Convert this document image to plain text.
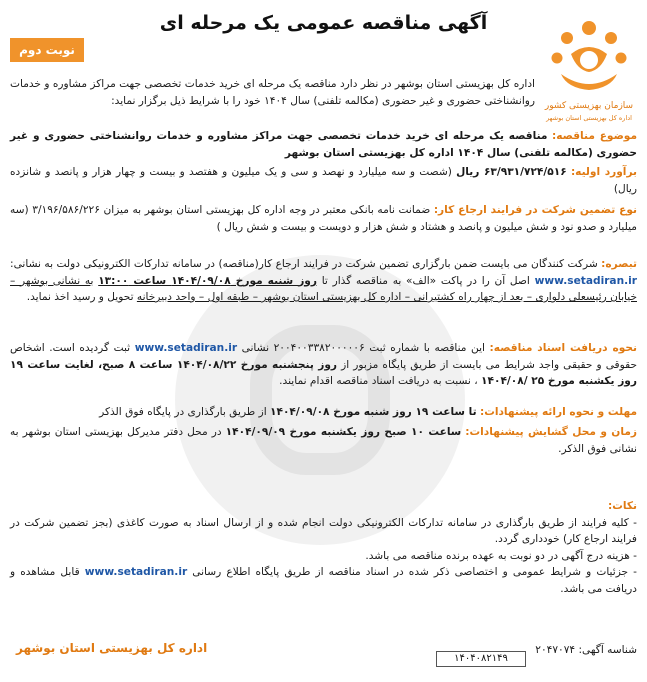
سازمان بهزیستی کشور
اداره کل بهزیستی استان بوشهر
آگهی مناقصه عمومی یک مرحله ای
نوبت دوم

اداره کل بهزیستی استان بوشهر در نظر دارد مناقصه یک مرحله ای خرید خدمات تخصصی جهت مراکز مشاوره و خدمات روانشناختی حضوری و غیر حضوری (مکالمه تلفنی) سال ۱۴۰۴ خود را با شرایط ذیل برگزار نماید:

موضوع مناقصه: مناقصه یک مرحله ای خرید خدمات تخصصی جهت مراکز مشاوره و خدمات روانشناختی حضوری و غیر حضوری (مکالمه تلفنی) سال ۱۴۰۴ اداره کل بهزیستی استان بوشهر
برآورد اولیه: ۶۳/۹۳۱/۷۲۴/۵۱۶ ریال (شصت و سه میلیارد و نهصد و سی و یک میلیون و هفتصد و بیست و چهار هزار و پانصد و شانزده ریال)
نوع تضمین شرکت در فرایند ارجاع کار: ضمانت نامه بانکی معتبر در وجه اداره کل بهزیستی استان بوشهر به میزان ۳/۱۹۶/۵۸۶/۲۲۶ (سه میلیارد و صدو نود و شش میلیون و پانصد و هشتاد و شش هزار و دویست و بیست و شش ریال )
تبصره: شرکت کنندگان می بایست ضمن بارگزاری تضمین شرکت در فرایند ارجاع کار(مناقصه) در سامانه تدارکات الکترونیکی دولت به نشانی: www.setadiran.ir اصل آن را در پاکت «الف» به مناقصه گذار تا روز شنبه مورخ ۱۴۰۴/۰۹/۰۸ ساعت ۱۳:۰۰ به نشانی بوشهر – خیابان رئیسعلی دلواری – بعد از چهار راه کشتیرانی – اداره کل بهزیستی استان بوشهر – طبقه اول – واحد دبیرخانه تحویل و رسید اخذ نماید.
نحوه دریافت اسناد مناقصه: این مناقصه با شماره ثبت ۲۰۰۴۰۰۳۳۸۲۰۰۰۰۰۶ نشانی www.setadiran.ir ثبت گردیده است. اشخاص حقوقی و حقیقی واجد شرایط می بایست از طریق پایگاه مزبور از روز پنجشنبه مورخ ۱۴۰۴/۰۸/۲۲ ساعت ۸ صبح، لغایت ساعت ۱۹ روز یکشنبه مورخ ۲۵ /۱۴۰۴/۰۸ ، نسبت به دریافت اسناد مناقصه اقدام نمایند.
مهلت و نحوه ارائه پیشنهادات: تا ساعت ۱۹ روز شنبه مورخ ۱۴۰۴/۰۹/۰۸ از طریق بارگذاری در پایگاه فوق الذکر
زمان و محل گشایش پیشنهادات: ساعت ۱۰ صبح روز یکشنبه مورخ ۱۴۰۴/۰۹/۰۹ در محل دفتر مدیرکل بهزیستی استان بوشهر به نشانی فوق الذکر.
نکات:

- کلیه فرایند از طریق بارگذاری در سامانه تدارکات الکترونیکی دولت انجام شده و از ارسال اسناد به صورت کاغذی (بجز تضمین شرکت در فرایند ارجاع کار) خودداری گردد.

- هزینه درج آگهی در دو نوبت به عهده برنده مناقصه می باشد.

- جزئیات و شرایط عمومی و اختصاصی ذکر شده در اسناد مناقصه از طریق پایگاه اطلاع رسانی www.setadiran.ir قابل مشاهده و دریافت می باشد.

شناسه آگهی: ۲۰۴۷۰۷۴
۱۴۰۴۰۸۲۱۴۹
اداره کل بهزیستی استان بوشهر
